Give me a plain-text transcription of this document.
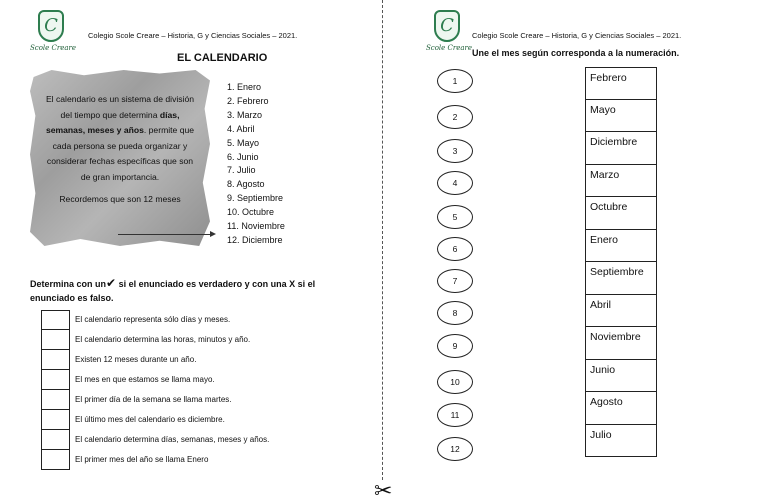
C
Scole Creare
Colegio Scole Creare – Historia, G y Ciencias Sociales – 2021.
EL CALENDARIO
El calendario es un sistema de división del tiempo que determina días, semanas, meses y años. permite que cada persona se pueda organizar y considerar fechas específicas que son de gran importancia.
Recordemos que son 12 meses
1. Enero
2. Febrero
3. Marzo
4. Abril
5. Mayo
6. Junio
7. Julio
8. Agosto
9. Septiembre
10. Octubre
11. Noviembre
12. Diciembre
Determina con un✔ si el enunciado es verdadero y con una X si el enunciado es falso.
El calendario representa sólo días y meses.
El calendario determina las horas, minutos y año.
Existen 12 meses durante un año.
El mes en que estamos se llama mayo.
El primer día de la semana se llama martes.
El último mes del calendario es diciembre.
El calendario determina días, semanas, meses y años.
El primer mes del año se llama Enero
✂
C
Scole Creare
Colegio Scole Creare – Historia, G y Ciencias Sociales – 2021.
Une el mes según corresponda a la numeración.
1
2
3
4
5
6
7
8
9
10
11
12
Febrero
Mayo
Diciembre
Marzo
Octubre
Enero
Septiembre
Abril
Noviembre
Junio
Agosto
Julio
